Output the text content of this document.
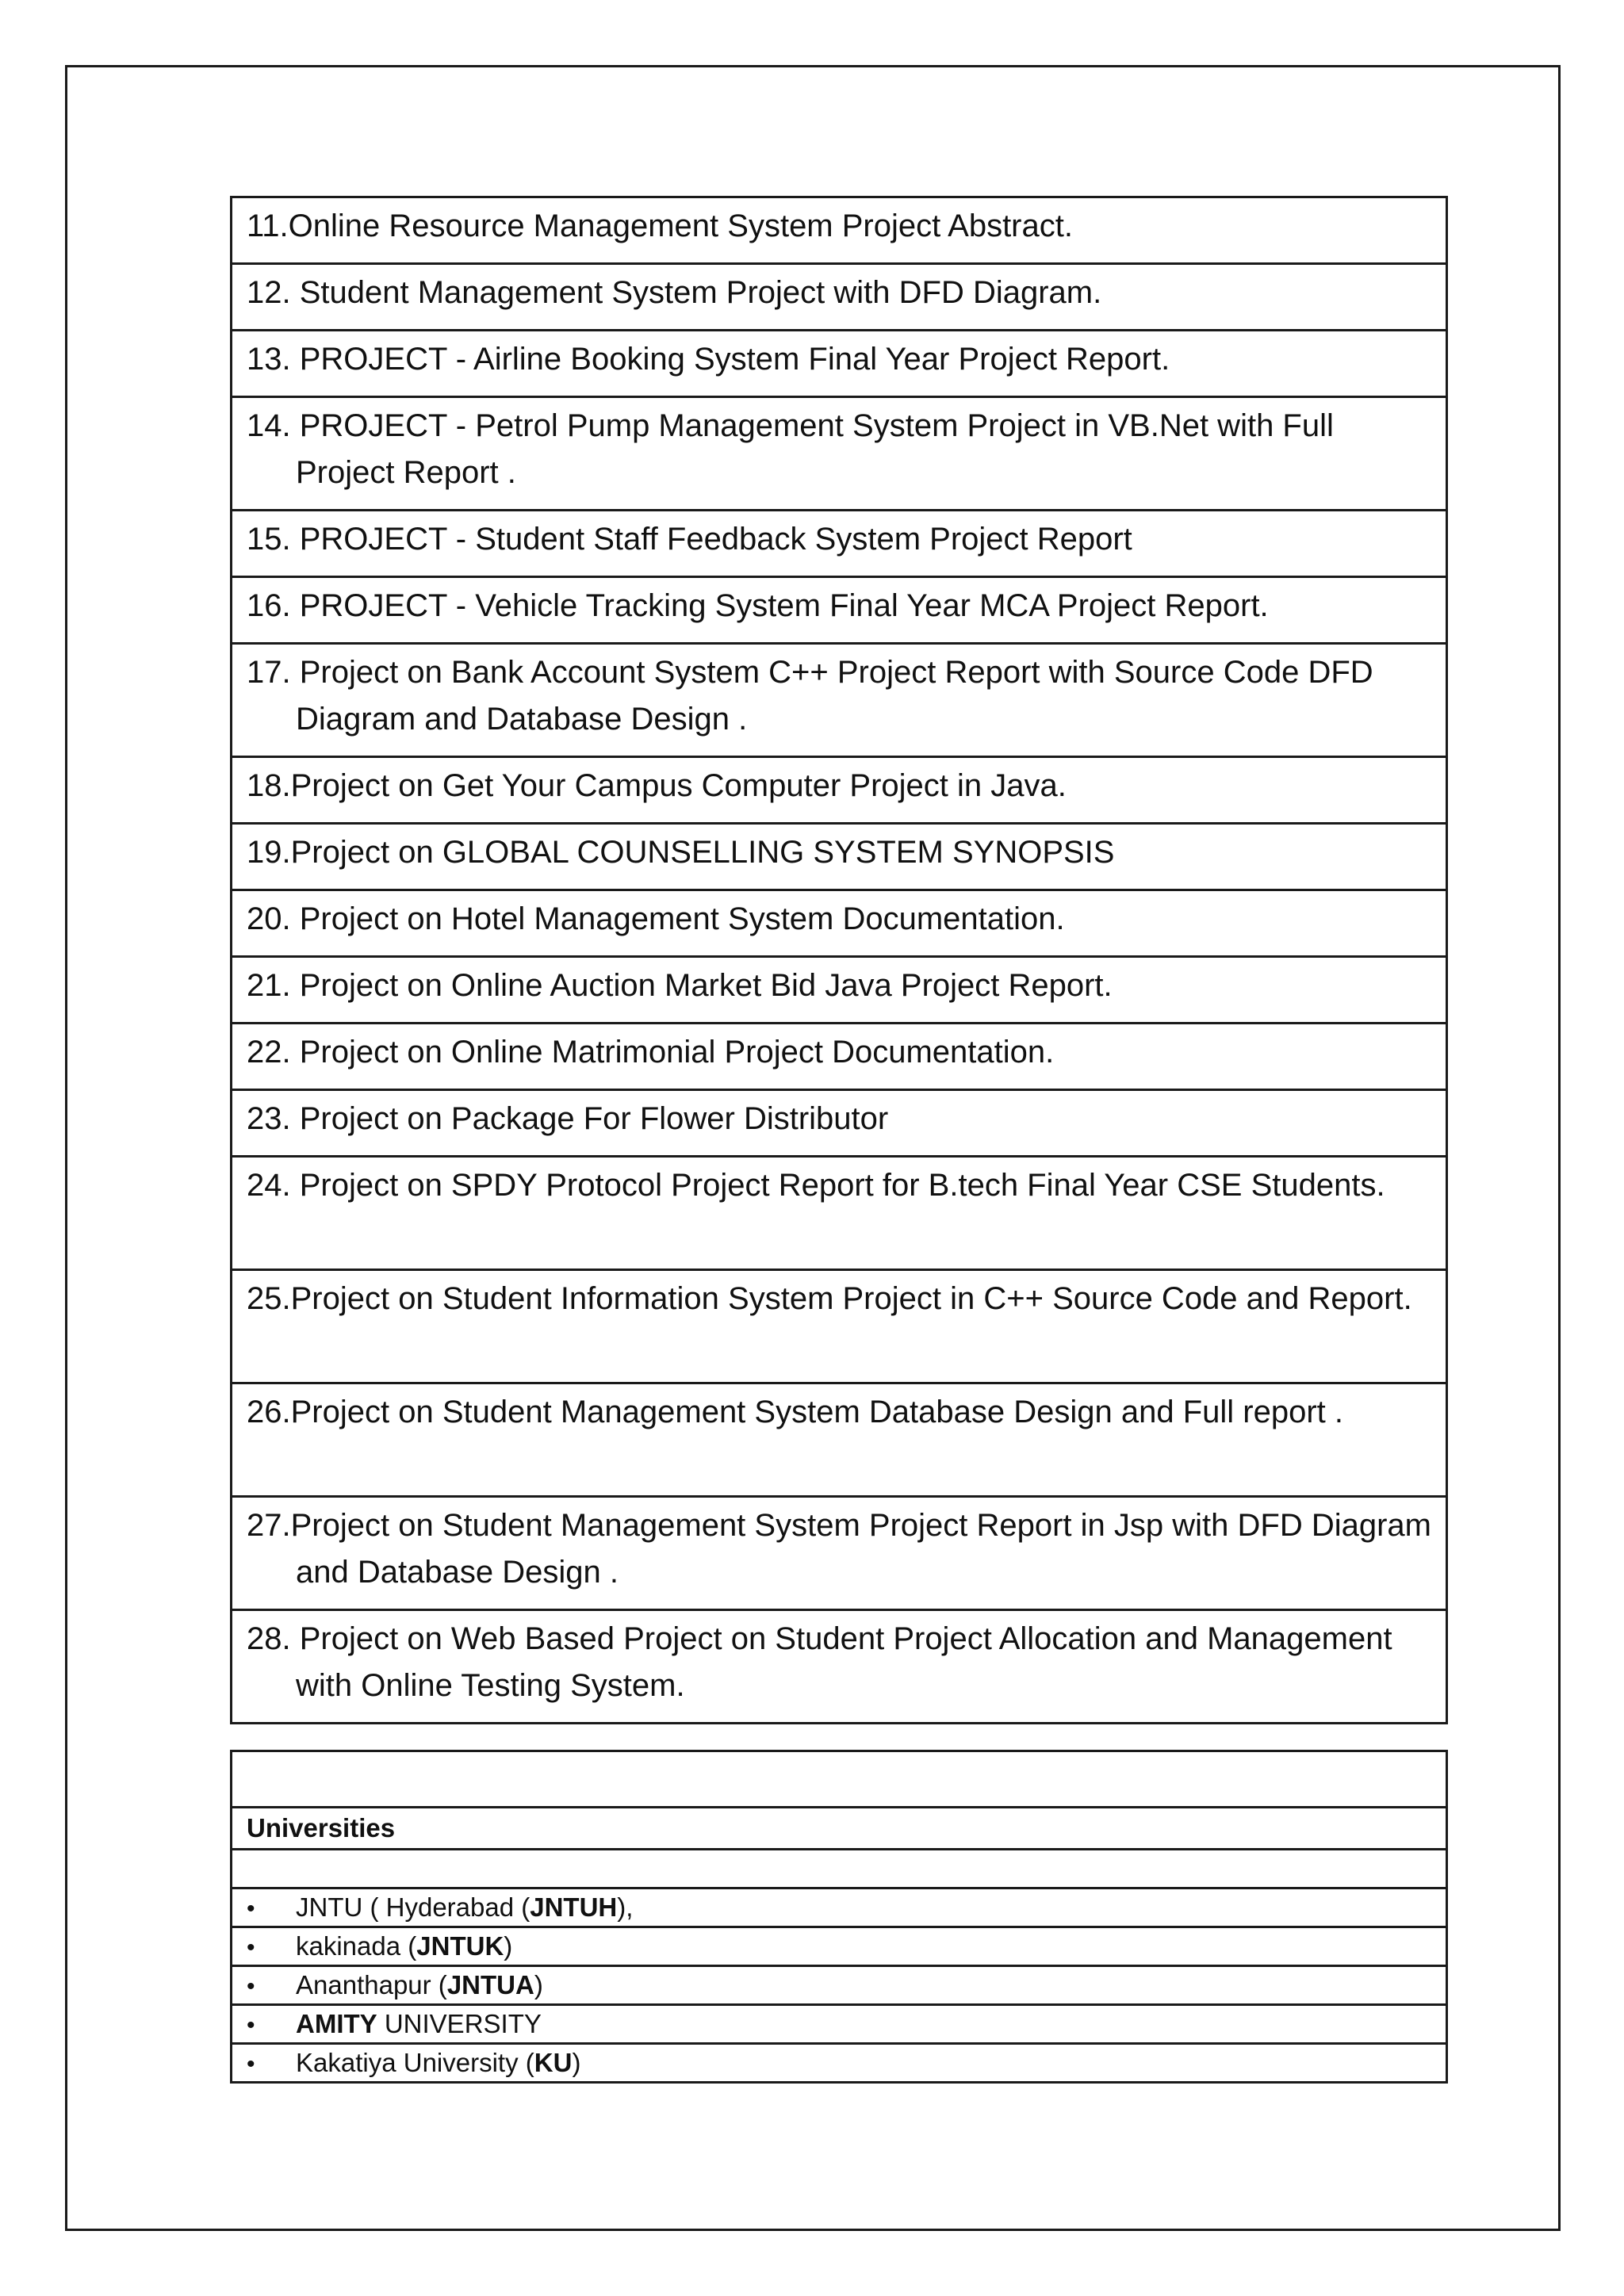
11.Online Resource Management System Project Abstract.

12. Student Management System Project with DFD Diagram.

13. PROJECT - Airline Booking System Final Year Project Report.

14. PROJECT - Petrol Pump Management System Project in VB.Net with Full Project Report .

15. PROJECT - Student Staff Feedback System Project Report

16. PROJECT - Vehicle Tracking System Final Year MCA Project Report.

17. Project on Bank Account System C++ Project Report with Source Code DFD Diagram and Database Design .

18.Project on Get Your Campus Computer Project in Java.

19.Project on GLOBAL COUNSELLING SYSTEM SYNOPSIS

20. Project on Hotel Management System Documentation.

21. Project on Online Auction Market Bid Java Project Report.

22. Project on Online Matrimonial Project Documentation.

23. Project on Package For Flower Distributor

24. Project on SPDY Protocol Project Report for B.tech Final Year CSE Students.

25.Project on Student Information System Project in C++ Source Code and Report.

26.Project on Student Management System Database Design and Full report .

27.Project on Student Management System Project Report in Jsp with DFD Diagram and Database Design .

28. Project on Web Based Project on Student Project Allocation and Management with Online Testing System.

Universities

• JNTU ( Hyderabad (JNTUH),
• kakinada (JNTUK)
• Ananthapur (JNTUA)
• AMITY UNIVERSITY
• Kakatiya University (KU)
